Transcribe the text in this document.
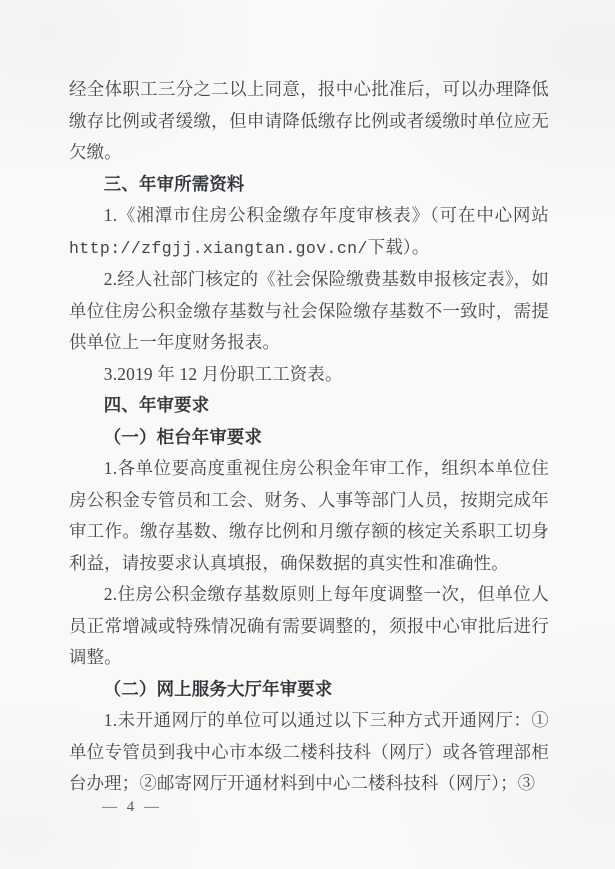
经全体职工三分之二以上同意，报中心批准后，可以办理降低缴存比例或者缓缴，但申请降低缴存比例或者缓缴时单位应无欠缴。

三、年审所需资料

1.《湘潭市住房公积金缴存年度审核表》（可在中心网站http://zfgjj.xiangtan.gov.cn/下载）。

2.经人社部门核定的《社会保险缴费基数申报核定表》，如单位住房公积金缴存基数与社会保险缴存基数不一致时，需提供单位上一年度财务报表。

3.2019 年 12 月份职工工资表。

四、年审要求

（一）柜台年审要求

1.各单位要高度重视住房公积金年审工作，组织本单位住房公积金专管员和工会、财务、人事等部门人员，按期完成年审工作。缴存基数、缴存比例和月缴存额的核定关系职工切身利益，请按要求认真填报，确保数据的真实性和准确性。

2.住房公积金缴存基数原则上每年度调整一次，但单位人员正常增减或特殊情况确有需要调整的，须报中心审批后进行调整。

（二）网上服务大厅年审要求

1.未开通网厅的单位可以通过以下三种方式开通网厅：①单位专管员到我中心市本级二楼科技科（网厅）或各管理部柜台办理；②邮寄网厅开通材料到中心二楼科技科（网厅）；③

— 4 —
